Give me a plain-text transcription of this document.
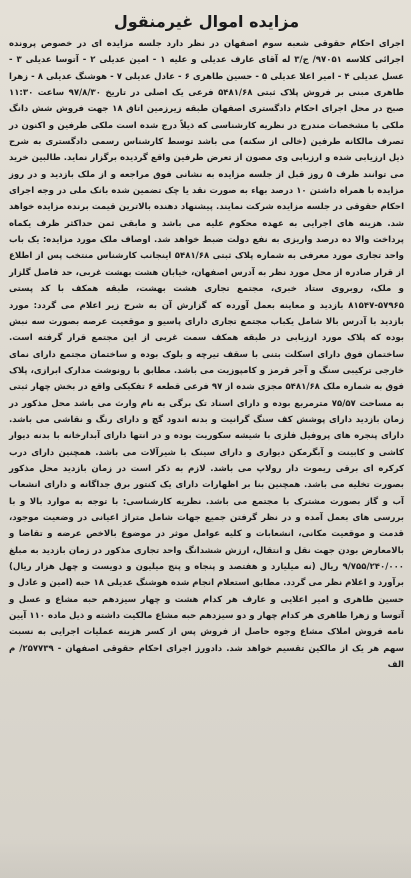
مزایده اموال غیرمنقول

اجرای احکام حقوقی شعبه سوم اصفهان در نظر دارد جلسه مزایده ای در خصوص پرونده اجرائی کلاسه ۹۷۰۵۱/ ج/۳ له آقای عارف عدیلی و علیه ۱ - امین عدیلی ۲ - آتوسا عدیلی ۳ - عسل عدیلی ۴ - امیر اعلا عدیلی ۵ - حسین طاهری ۶ - عادل عدیلی ۷ - هوشنگ عدیلی ۸ - زهرا طاهری مبنی بر فروش پلاک ثبتی ۵۴۸۱/۶۸ فرعی یک اصلی در تاریخ ۹۷/۸/۳۰ ساعت ۱۱:۳۰ صبح در محل اجرای احکام دادگستری اصفهان طبقه زیرزمین اتاق ۱۸ جهت فروش شش دانگ ملکی با مشخصات مندرج در نظریه کارشناسی که ذیلاً درج شده است ملکی طرفین و اکنون در تصرف مالکانه طرفین (خالی از سکنه) می باشد توسط کارشناس رسمی دادگستری به شرح ذیل ارزیابی شده و ارزیابی وی مصون از تعرض طرفین واقع گردیده برگزار نماید. طالبین خرید می توانند ظرف ۵ روز قبل از جلسه مزایده به نشانی فوق مراجعه و از ملک بازدید و در روز مزایده با همراه داشتن ۱۰ درصد بهاء به صورت نقد یا چک تضمین شده بانک ملی در وجه اجرای احکام حقوقی در جلسه مزایده شرکت نمایند. پیشنهاد دهنده بالاترین قیمت برنده مزایده خواهد شد. هزینه های اجرایی به عهده محکوم علیه می باشد و مابقی ثمن حداکثر ظرف یکماه پرداخت والا ده درصد واریزی به نفع دولت ضبط خواهد شد. اوصاف ملک مورد مزایده: یک باب واحد تجاری مورد معرفی به شماره پلاک ثبتی ۵۴۸۱/۶۸ اینجانب کارشناس منتخب پس از اطلاع از قرار صادره از محل مورد نظر به آدرس اصفهان، خیابان هشت بهشت غربی، حد فاصل گلزار و ملک، روبروی ستاد خبری، مجتمع تجاری هشت بهشت، طبقه همکف با کد پستی ۵۷۹۶۵-۸۱۵۴۷ بازدید و معاینه بعمل آورده که گزارش آن به شرح زیر اعلام می گردد: مورد بازدید با آدرس بالا شامل یکباب مجتمع تجاری دارای پاسیو و موقعیت عرصه بصورت سه نبش بوده که پلاک مورد ارزیابی در طبقه همکف سمت غربی از این مجتمع قرار گرفته است. ساختمان فوق دارای اسکلت بتنی با سقف تیرچه و بلوک بوده و ساختمان مجتمع دارای نمای خارجی ترکیبی سنگ و آجر قرمز و کامپوزیت می باشد. مطابق با رونوشت مدارک ابرازی، پلاک فوق به شماره ملک ۵۴۸۱/۶۸ مجزی شده از ۹۷ فرعی قطعه ۶ تفکیکی واقع در بخش چهار ثبتی به مساحت ۷۵/۵۷ مترمربع بوده و دارای اسناد تک برگی به نام وارث می باشد محل مذکور در زمان بازدید دارای پوشش کف سنگ گرانیت و بدنه اندود گچ و دارای رنگ و نقاشی می باشد. دارای پنجره های پروفیل فلزی با شیشه سکوریت بوده و در انتها دارای آبدارخانه با بدنه دیوار کاشی و کابینت و آبگرمکن دیواری و دارای سینک با شیرآلات می باشد. همچنین دارای درب کرکره ای برقی ریموت دار رولاپ می باشد. لازم به ذکر است در زمان بازدید محل مذکور بصورت تخلیه می باشد. همچنین بنا بر اظهارات دارای یک کنتور برق جداگانه و دارای انشعاب آب و گاز بصورت مشترک با مجتمع می باشد. نظریه کارشناسی: با توجه به موارد بالا و با بررسی های بعمل آمده و در نظر گرفتن جمیع جهات شامل متراژ اعیانی در وضعیت موجود، قدمت و موقعیت مکانی، انشعابات و کلیه عوامل موثر در موضوع بالاخص عرضه و تقاضا و بالامعارض بودن جهت نقل و انتقال، ارزش ششدانگ واحد تجاری مذکور در زمان بازدید به مبلغ ۹/۷۵۵/۲۴۰/۰۰۰ ریال (نه میلیارد و هفتصد و پنجاه و پنج میلیون و دویست و چهل هزار ریال) برآورد و اعلام نظر می گردد. مطابق استعلام انجام شده هوشنگ عدیلی ۱۸ حبه (امین و عادل و حسین طاهری و امیر اعلایی و عارف هر کدام هشت و چهار سیزدهم حبه مشاع و عسل و آتوسا و زهرا طاهری هر کدام چهار و دو سیزدهم حبه مشاع مالکیت داشته و ذیل ماده ۱۱۰ آیین نامه فروش املاک مشاع وجوه حاصل از فروش پس از کسر هزینه عملیات اجرایی به نسبت سهم هر یک از مالکین تقسیم خواهد شد. دادورز اجرای احکام حقوقی اصفهان - ۲۵۷۷۳۹/ م الف
